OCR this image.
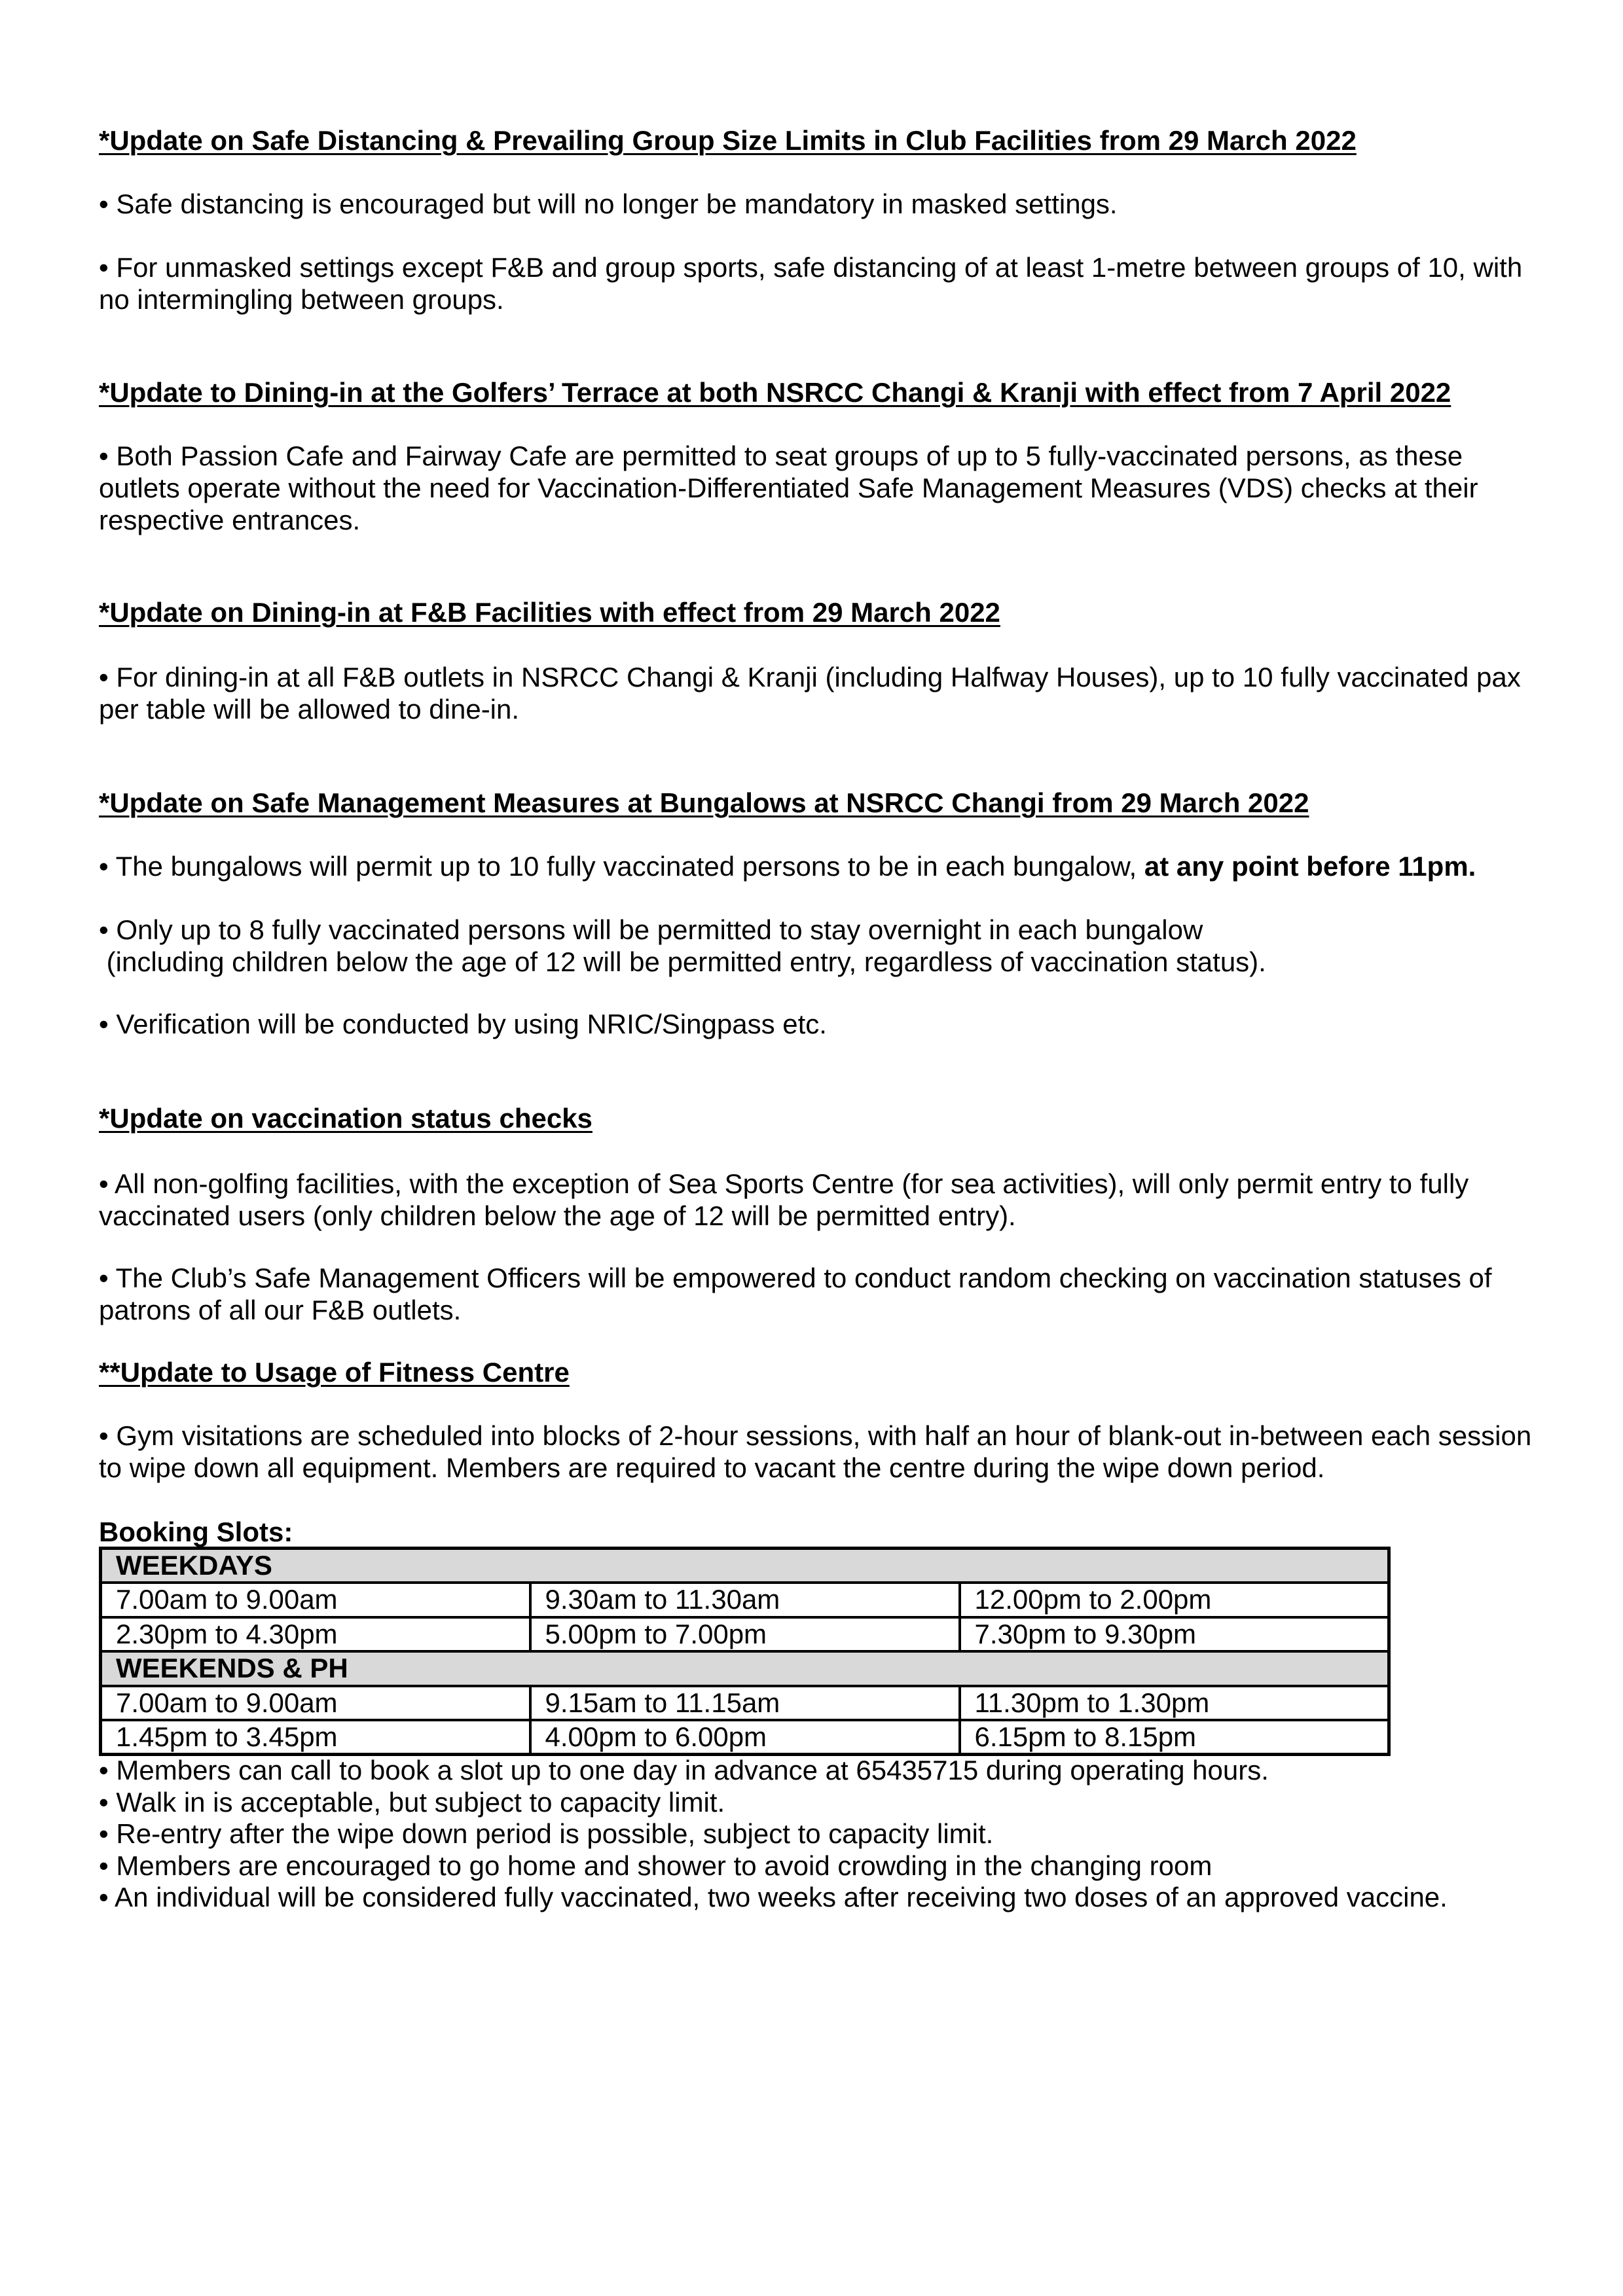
*Update on Safe Distancing & Prevailing Group Size Limits in Club Facilities from 29 March 2022
• Safe distancing is encouraged but will no longer be mandatory in masked settings.
• For unmasked settings except F&B and group sports, safe distancing of at least 1-metre between groups of 10, with
no intermingling between groups.
*Update to Dining-in at the Golfers’ Terrace at both NSRCC Changi & Kranji with effect from 7 April 2022
• Both Passion Cafe and Fairway Cafe are permitted to seat groups of up to 5 fully-vaccinated persons, as these
outlets operate without the need for Vaccination-Differentiated Safe Management Measures (VDS) checks at their
respective entrances.
*Update on Dining-in at F&B Facilities with effect from 29 March 2022
• For dining-in at all F&B outlets in NSRCC Changi & Kranji (including Halfway Houses), up to 10 fully vaccinated pax
per table will be allowed to dine-in.
*Update on Safe Management Measures at Bungalows at NSRCC Changi from 29 March 2022
• The bungalows will permit up to 10 fully vaccinated persons to be in each bungalow, at any point before 11pm.
• Only up to 8 fully vaccinated persons will be permitted to stay overnight in each bungalow
(including children below the age of 12 will be permitted entry, regardless of vaccination status).
• Verification will be conducted by using NRIC/Singpass etc.
*Update on vaccination status checks
• All non-golfing facilities, with the exception of Sea Sports Centre (for sea activities), will only permit entry to fully
vaccinated users (only children below the age of 12 will be permitted entry).
• The Club’s Safe Management Officers will be empowered to conduct random checking on vaccination statuses of
patrons of all our F&B outlets.
**Update to Usage of Fitness Centre
• Gym visitations are scheduled into blocks of 2-hour sessions, with half an hour of blank-out in-between each session
to wipe down all equipment. Members are required to vacant the centre during the wipe down period.
Booking Slots:
WEEKDAYS		
7.00am to 9.00am	9.30am to 11.30am	12.00pm to 2.00pm
2.30pm to 4.30pm	5.00pm to 7.00pm	7.30pm to 9.30pm
WEEKENDS & PH		
7.00am to 9.00am	9.15am to 11.15am	11.30pm to 1.30pm
1.45pm to 3.45pm	4.00pm to 6.00pm	6.15pm to 8.15pm
• Members can call to book a slot up to one day in advance at 65435715 during operating hours.
• Walk in is acceptable, but subject to capacity limit.
• Re-entry after the wipe down period is possible, subject to capacity limit.
• Members are encouraged to go home and shower to avoid crowding in the changing room
• An individual will be considered fully vaccinated, two weeks after receiving two doses of an approved vaccine.
